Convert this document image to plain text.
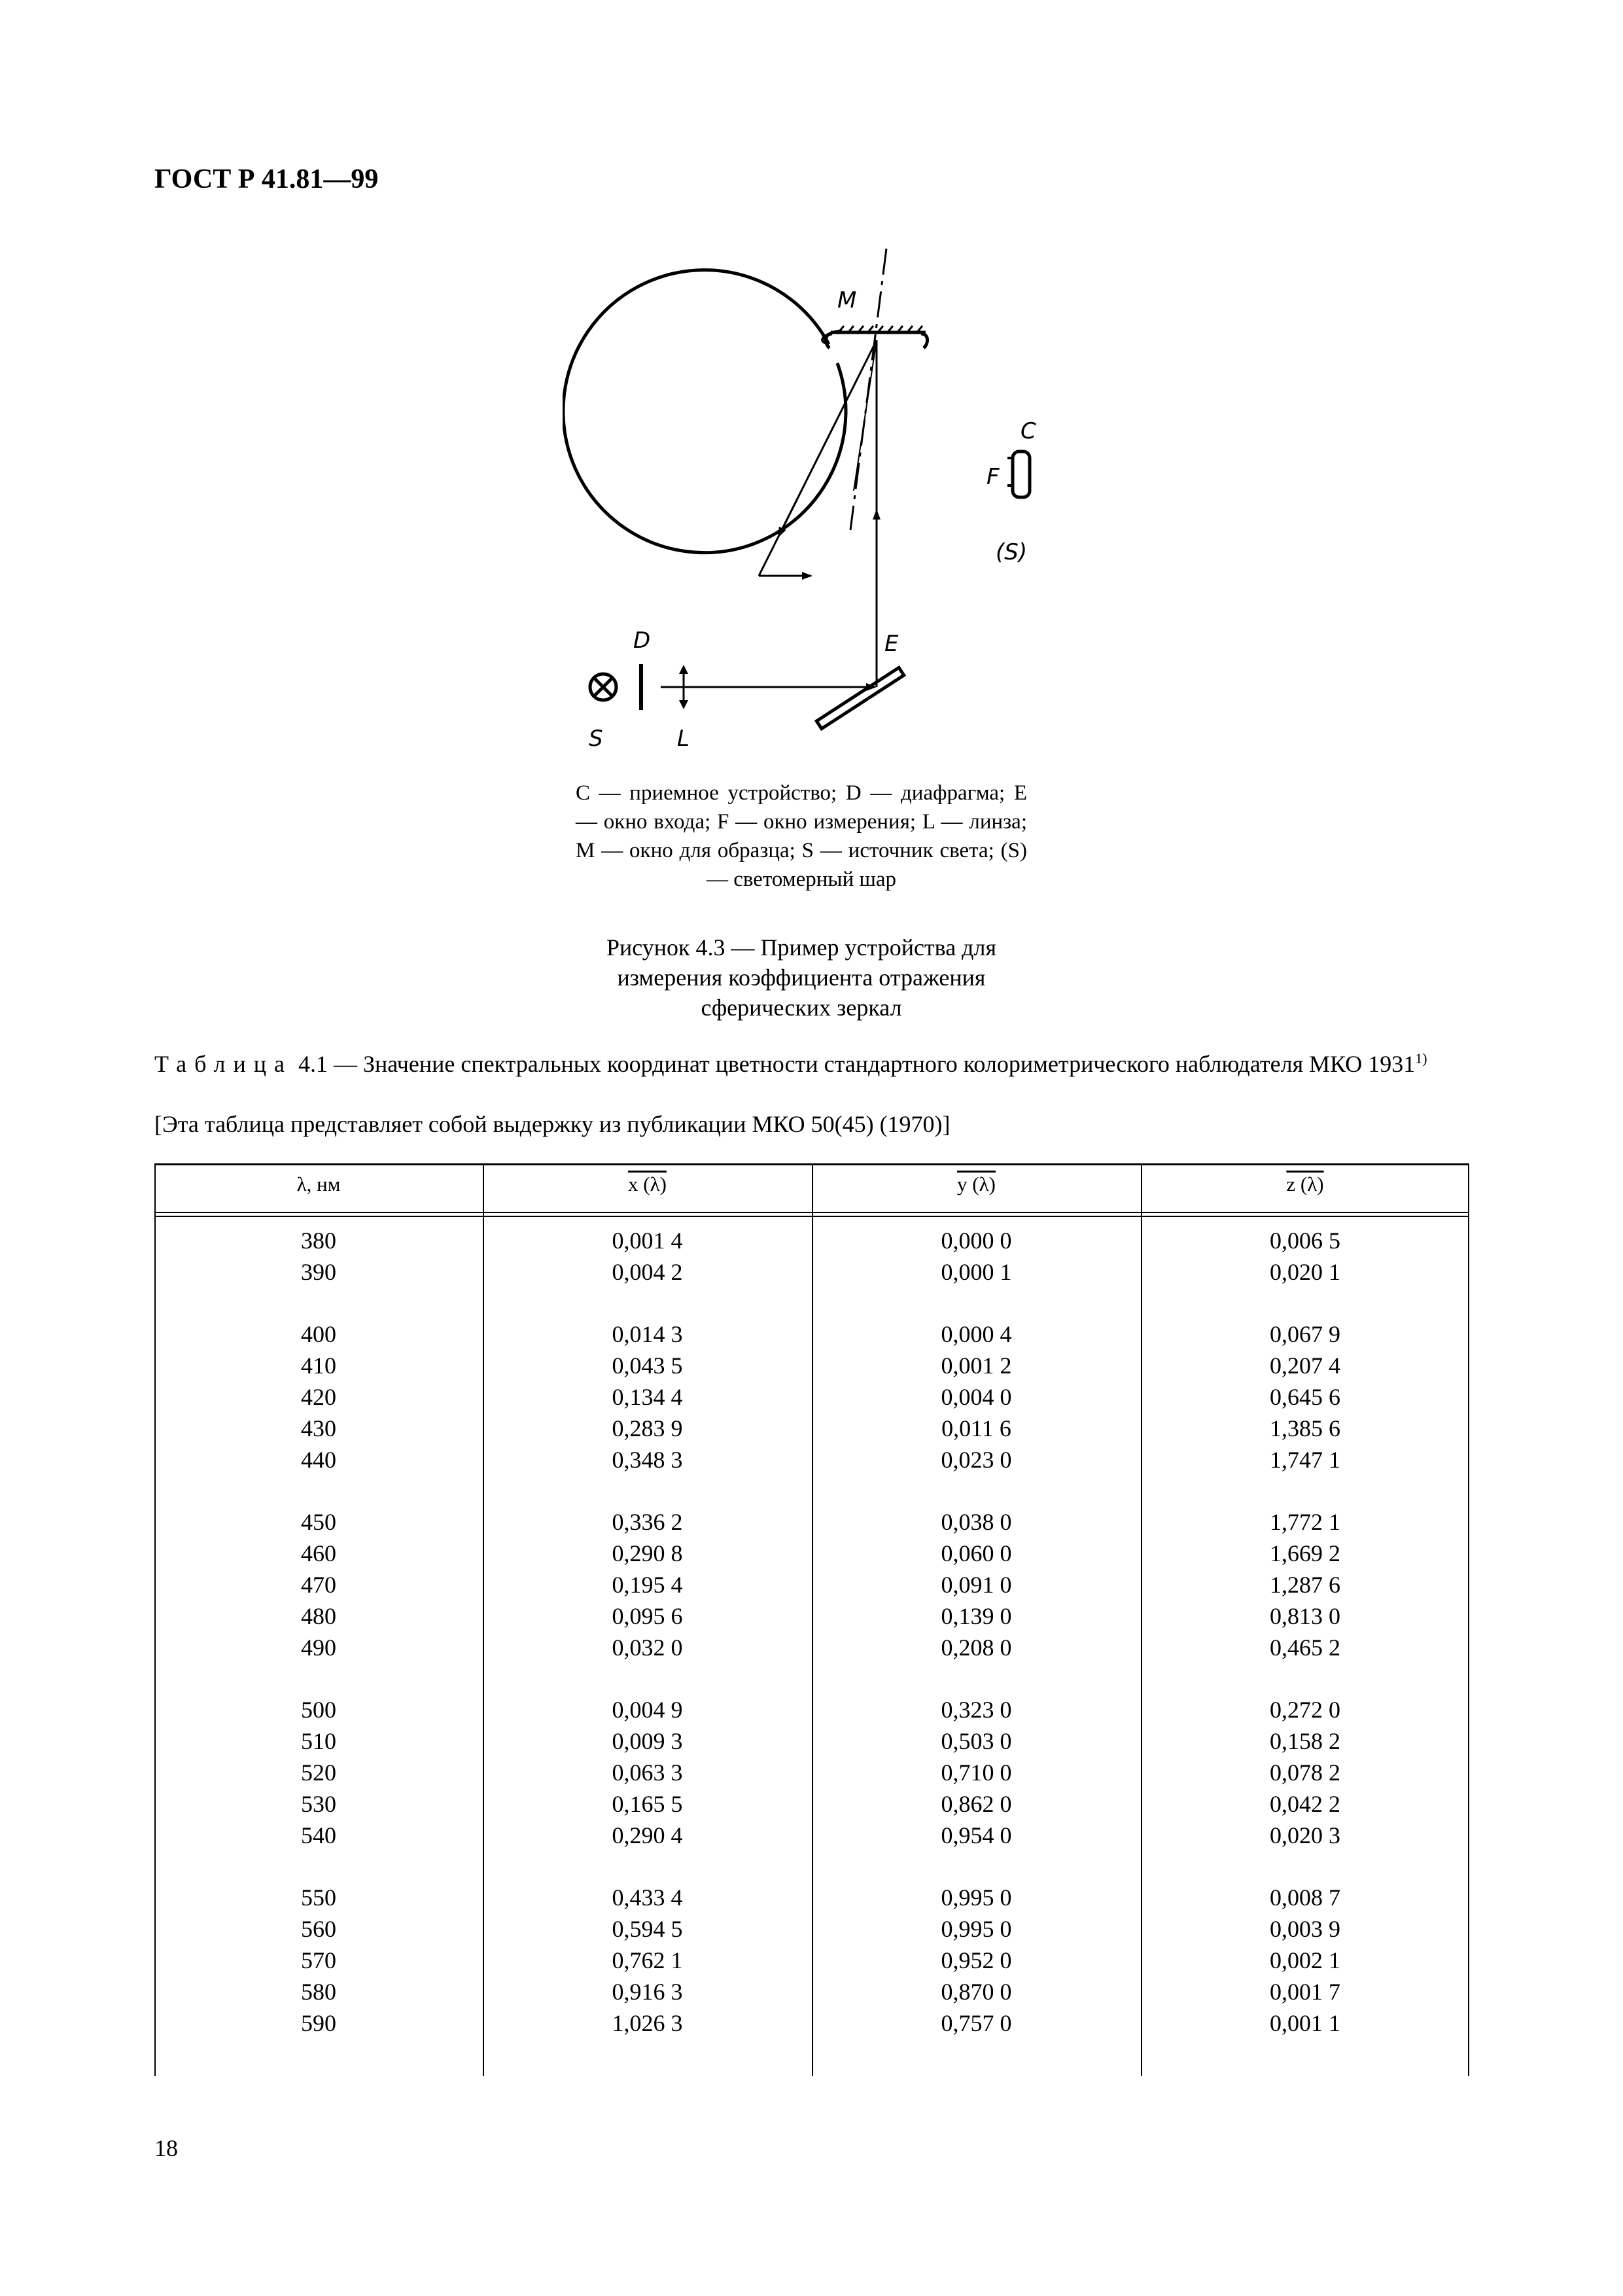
ГОСТ Р 41.81—99
M
C
F
(S)
D	E
S	L
C — приемное устройство; D — диафрагма; E — окно входа; F — окно измерения; L — линза; M — окно для образца; S — источник света; (S) — светомерный шар
Рисунок 4.3 — Пример устройства для измерения коэффициента отражения сферических зеркал
Таблица 4.1 — Значение спектральных координат цветности стандартного колориметрического наблюдателя МКО 1931$^{1)}$
[Эта таблица представляет собой выдержку из публикации МКО 50(45) (1970)]
λ, нм	x (λ)	y (λ)	z (λ)
380	0,001 4	0,000 0	0,006 5
390	0,004 2	0,000 1	0,020 1
400	0,014 3	0,000 4	0,067 9
410	0,043 5	0,001 2	0,207 4
420	0,134 4	0,004 0	0,645 6
430	0,283 9	0,011 6	1,385 6
440	0,348 3	0,023 0	1,747 1
450	0,336 2	0,038 0	1,772 1
460	0,290 8	0,060 0	1,669 2
470	0,195 4	0,091 0	1,287 6
480	0,095 6	0,139 0	0,813 0
490	0,032 0	0,208 0	0,465 2
500	0,004 9	0,323 0	0,272 0
510	0,009 3	0,503 0	0,158 2
520	0,063 3	0,710 0	0,078 2
530	0,165 5	0,862 0	0,042 2
540	0,290 4	0,954 0	0,020 3
550	0,433 4	0,995 0	0,008 7
560	0,594 5	0,995 0	0,003 9
570	0,762 1	0,952 0	0,002 1
580	0,916 3	0,870 0	0,001 7
590	1,026 3	0,757 0	0,001 1
18
